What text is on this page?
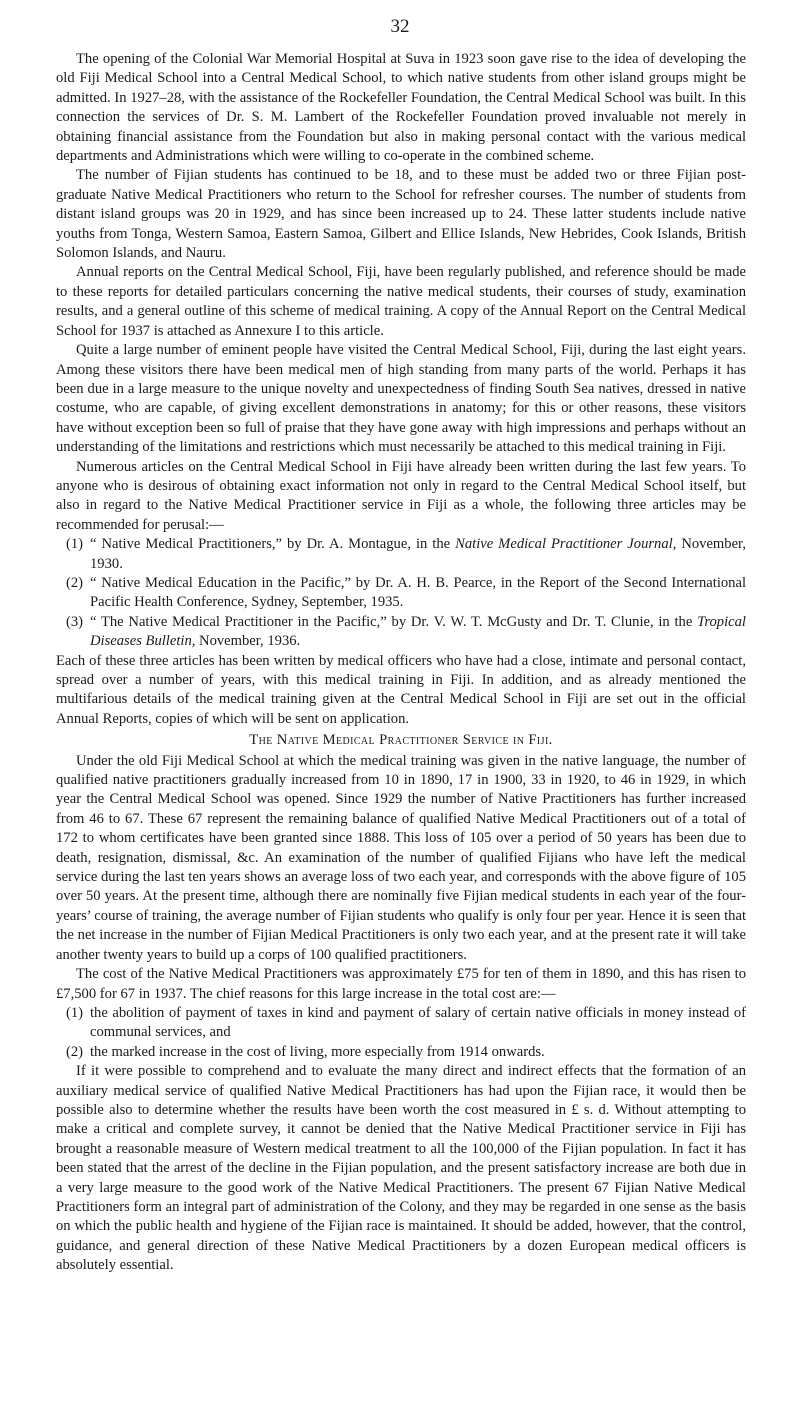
32

The opening of the Colonial War Memorial Hospital at Suva in 1923 soon gave rise to the idea of developing the old Fiji Medical School into a Central Medical School, to which native students from other island groups might be admitted. In 1927–28, with the assistance of the Rockefeller Foundation, the Central Medical School was built. In this connection the services of Dr. S. M. Lambert of the Rockefeller Foundation proved invaluable not merely in obtaining financial assistance from the Foundation but also in making personal contact with the various medical departments and Administrations which were willing to co-operate in the combined scheme.

The number of Fijian students has continued to be 18, and to these must be added two or three Fijian post-graduate Native Medical Practitioners who return to the School for refresher courses. The number of students from distant island groups was 20 in 1929, and has since been increased up to 24. These latter students include native youths from Tonga, Western Samoa, Eastern Samoa, Gilbert and Ellice Islands, New Hebrides, Cook Islands, British Solomon Islands, and Nauru.

Annual reports on the Central Medical School, Fiji, have been regularly published, and reference should be made to these reports for detailed particulars concerning the native medical students, their courses of study, examination results, and a general outline of this scheme of medical training. A copy of the Annual Report on the Central Medical School for 1937 is attached as Annexure I to this article.

Quite a large number of eminent people have visited the Central Medical School, Fiji, during the last eight years. Among these visitors there have been medical men of high standing from many parts of the world. Perhaps it has been due in a large measure to the unique novelty and unexpectedness of finding South Sea natives, dressed in native costume, who are capable, of giving excellent demonstrations in anatomy; for this or other reasons, these visitors have without exception been so full of praise that they have gone away with high impressions and perhaps without an understanding of the limitations and restrictions which must necessarily be attached to this medical training in Fiji.

Numerous articles on the Central Medical School in Fiji have already been written during the last few years. To anyone who is desirous of obtaining exact information not only in regard to the Central Medical School itself, but also in regard to the Native Medical Practitioner service in Fiji as a whole, the following three articles may be recommended for perusal:—

(1) “ Native Medical Practitioners,” by Dr. A. Montague, in the Native Medical Practitioner Journal, November, 1930.
(2) “ Native Medical Education in the Pacific,” by Dr. A. H. B. Pearce, in the Report of the Second International Pacific Health Conference, Sydney, September, 1935.
(3) “ The Native Medical Practitioner in the Pacific,” by Dr. V. W. T. McGusty and Dr. T. Clunie, in the Tropical Diseases Bulletin, November, 1936.

Each of these three articles has been written by medical officers who have had a close, intimate and personal contact, spread over a number of years, with this medical training in Fiji. In addition, and as already mentioned the multifarious details of the medical training given at the Central Medical School in Fiji are set out in the official Annual Reports, copies of which will be sent on application.

The Native Medical Practitioner Service in Fiji.

Under the old Fiji Medical School at which the medical training was given in the native language, the number of qualified native practitioners gradually increased from 10 in 1890, 17 in 1900, 33 in 1920, to 46 in 1929, in which year the Central Medical School was opened. Since 1929 the number of Native Practitioners has further increased from 46 to 67. These 67 represent the remaining balance of qualified Native Medical Practitioners out of a total of 172 to whom certificates have been granted since 1888. This loss of 105 over a period of 50 years has been due to death, resignation, dismissal, &c. An examination of the number of qualified Fijians who have left the medical service during the last ten years shows an average loss of two each year, and corresponds with the above figure of 105 over 50 years. At the present time, although there are nominally five Fijian medical students in each year of the four-years’ course of training, the average number of Fijian students who qualify is only four per year. Hence it is seen that the net increase in the number of Fijian Medical Practitioners is only two each year, and at the present rate it will take another twenty years to build up a corps of 100 qualified practitioners.

The cost of the Native Medical Practitioners was approximately £75 for ten of them in 1890, and this has risen to £7,500 for 67 in 1937. The chief reasons for this large increase in the total cost are:—

(1) the abolition of payment of taxes in kind and payment of salary of certain native officials in money instead of communal services, and
(2) the marked increase in the cost of living, more especially from 1914 onwards.

If it were possible to comprehend and to evaluate the many direct and indirect effects that the formation of an auxiliary medical service of qualified Native Medical Practitioners has had upon the Fijian race, it would then be possible also to determine whether the results have been worth the cost measured in £ s. d. Without attempting to make a critical and complete survey, it cannot be denied that the Native Medical Practitioner service in Fiji has brought a reasonable measure of Western medical treatment to all the 100,000 of the Fijian population. In fact it has been stated that the arrest of the decline in the Fijian population, and the present satisfactory increase are both due in a very large measure to the good work of the Native Medical Practitioners. The present 67 Fijian Native Medical Practitioners form an integral part of administration of the Colony, and they may be regarded in one sense as the basis on which the public health and hygiene of the Fijian race is maintained. It should be added, however, that the control, guidance, and general direction of these Native Medical Practitioners by a dozen European medical officers is absolutely essential.
